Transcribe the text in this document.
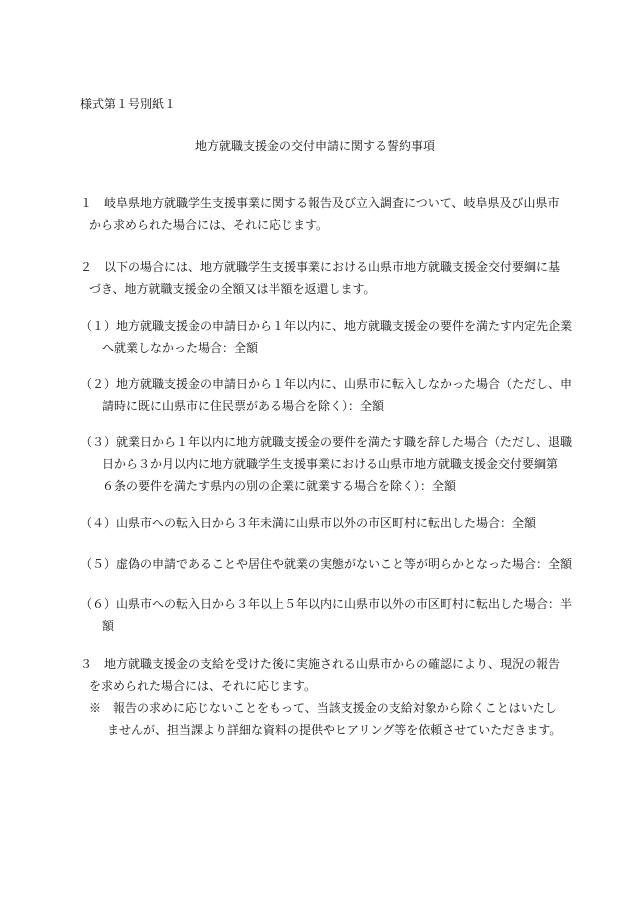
様式第１号別紙１
地方就職支援金の交付申請に関する誓約事項
１　岐阜県地方就職学生支援事業に関する報告及び立入調査について、岐阜県及び山県市
から求められた場合には、それに応じます。
２　以下の場合には、地方就職学生支援事業における山県市地方就職支援金交付要綱に基
づき、地方就職支援金の全額又は半額を返還します。
（１）地方就職支援金の申請日から１年以内に、地方就職支援金の要件を満たす内定先企業
へ就業しなかった場合：全額
（２）地方就職支援金の申請日から１年以内に、山県市に転入しなかった場合（ただし、申
請時に既に山県市に住民票がある場合を除く）：全額
（３）就業日から１年以内に地方就職支援金の要件を満たす職を辞した場合（ただし、退職
日から３か月以内に地方就職学生支援事業における山県市地方就職支援金交付要綱第
６条の要件を満たす県内の別の企業に就業する場合を除く）：全額
（４）山県市への転入日から３年未満に山県市以外の市区町村に転出した場合：全額
（５）虚偽の申請であることや居住や就業の実態がないこと等が明らかとなった場合：全額
（６）山県市への転入日から３年以上５年以内に山県市以外の市区町村に転出した場合：半
額
３　地方就職支援金の支給を受けた後に実施される山県市からの確認により、現況の報告
を求められた場合には、それに応じます。
※　報告の求めに応じないことをもって、当該支援金の支給対象から除くことはいたし
ませんが、担当課より詳細な資料の提供やヒアリング等を依頼させていただきます。
